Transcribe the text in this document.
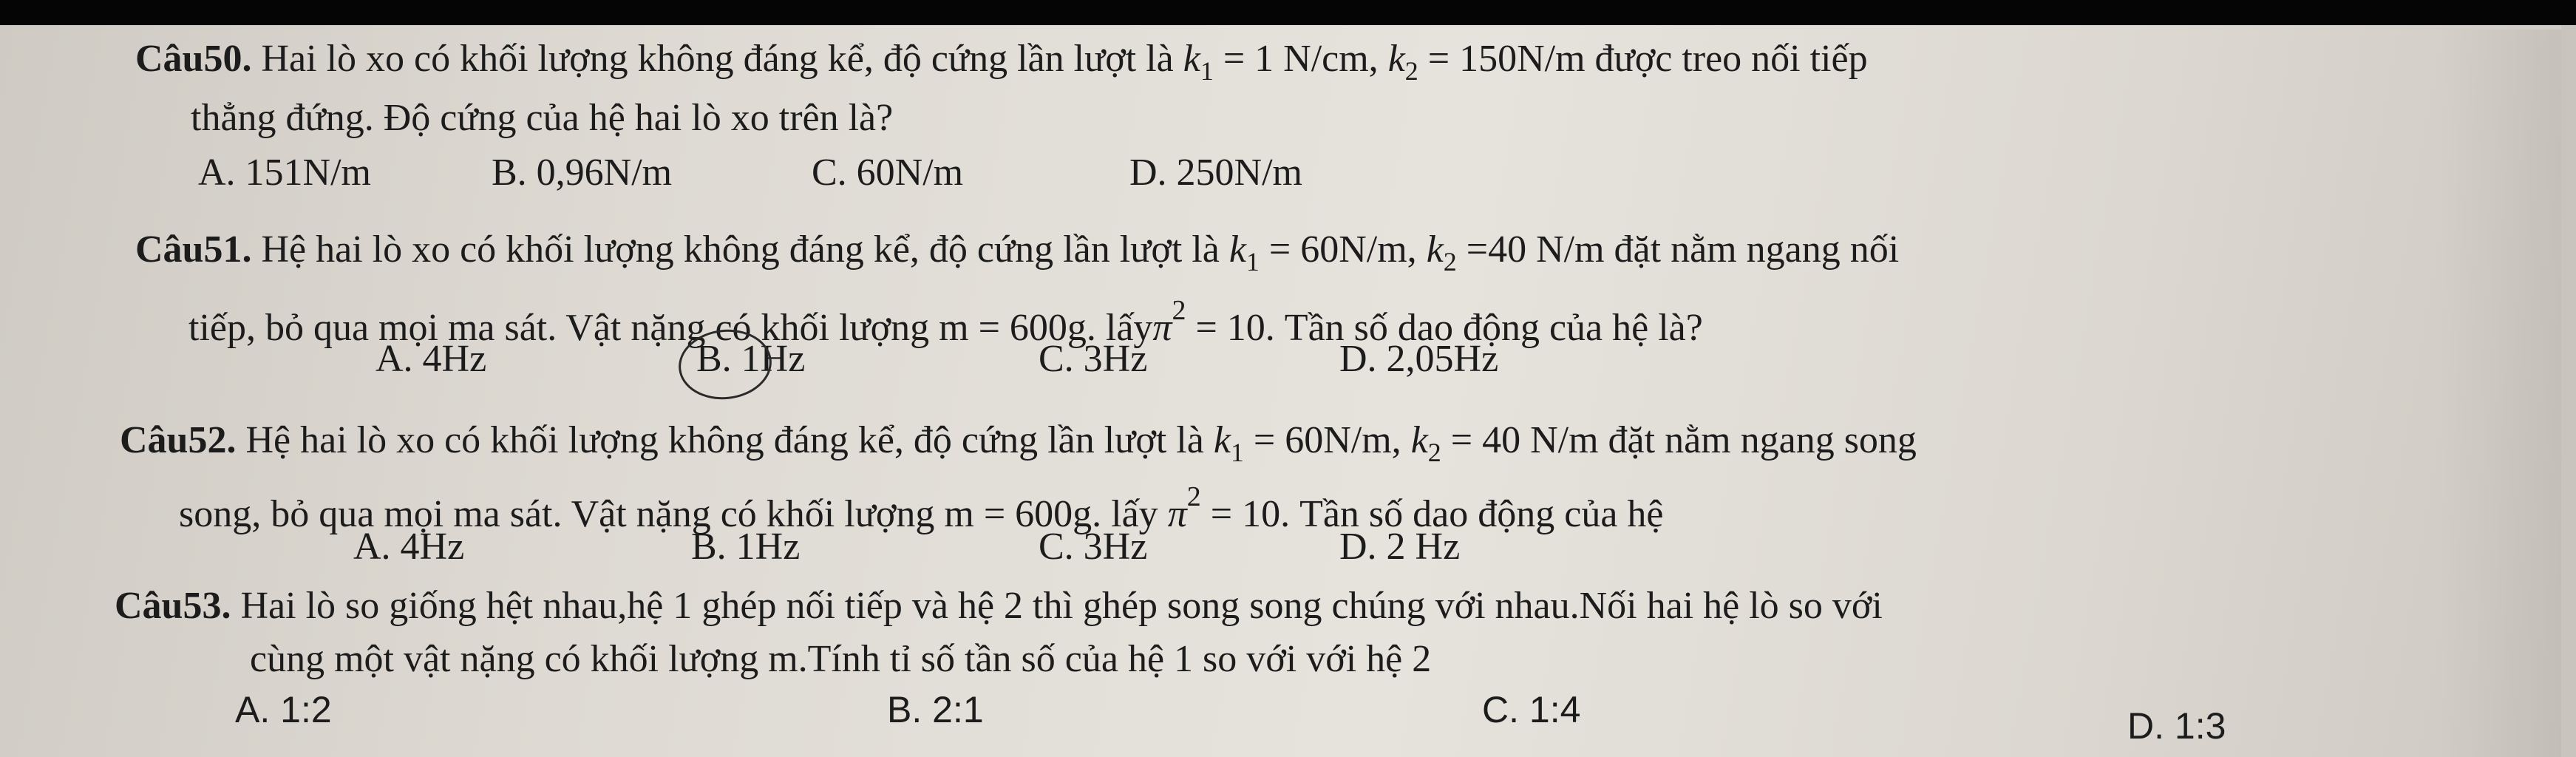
Câu50. Hai lò xo có khối lượng không đáng kể, độ cứng lần lượt là $k_1 = 1$ N/cm, $k_2 = 150N/m$ được treo nối tiếp
thẳng đứng. Độ cứng của hệ hai lò xo trên là?
A. 151N/m	B. 0,96N/m	C. 60N/m	D. 250N/m
Câu51. Hệ hai lò xo có khối lượng không đáng kể, độ cứng lần lượt là $k_1 = 60N/m$, $k_2 =40$ N/m đặt nằm ngang nối
tiếp, bỏ qua mọi ma sát. Vật nặng có khối lượng m = 600g. lấyπ$^2$ = 10. Tần số dao động của hệ là?
A. 4Hz	B. 1Hz	C. 3Hz	D. 2,05Hz
Câu52. Hệ hai lò xo có khối lượng không đáng kể, độ cứng lần lượt là $k_1 = 60N/m$, $k_2 = 40$ N/m đặt nằm ngang song
song, bỏ qua mọi ma sát. Vật nặng có khối lượng m = 600g. lấy $\pi^2 = 10$. Tần số dao động của hệ
A. 4Hz	B. 1Hz	C. 3Hz	D. 2 Hz
Câu53. Hai lò so giống hệt nhau,hệ 1 ghép nối tiếp và hệ 2 thì ghép song song chúng với nhau.Nối hai hệ lò so với
cùng một vật nặng có khối lượng m.Tính tỉ số tần số của hệ 1 so với với hệ 2
A. 1:2	B. 2:1	C. 1:4	D. 1:3
